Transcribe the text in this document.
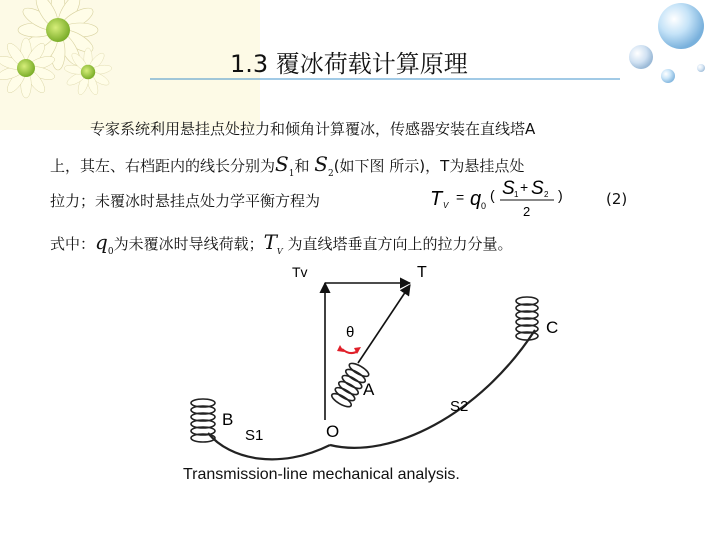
1.3 覆冰荷载计算原理
专家系统利用悬挂点处拉力和倾角计算覆冰，传感器安装在直线塔A
上，其左、右档距内的线长分别为$S_1$和 $S_2$(如下图 所示)，T为悬挂点处
拉力；未覆冰时悬挂点处力学平衡方程为	T V
= q 0
( S 1 + S 2
2
)	(2)
式中：$q_0$为未覆冰时导线荷载；$T_V$ 为直线塔垂直方向上的拉力分量。
Tv	T
θ
A
B
C
O
S1
S2
Transmission-line mechanical analysis.
